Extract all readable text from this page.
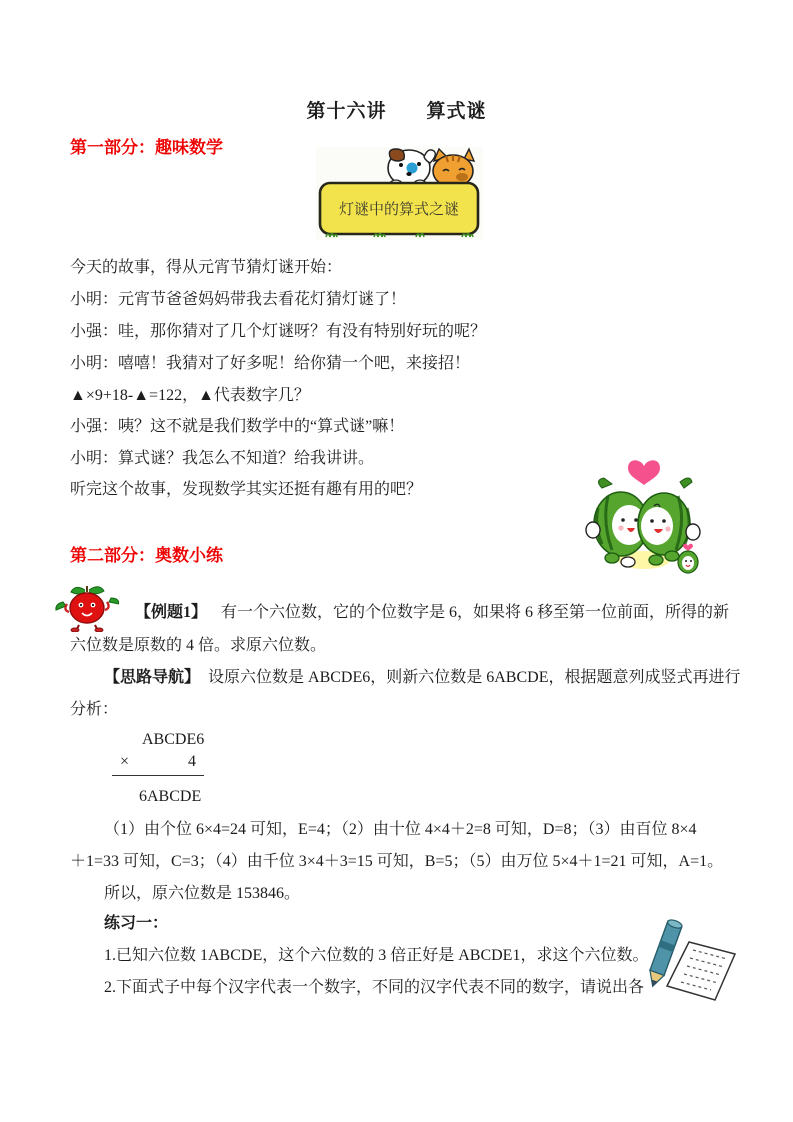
第十六讲　　算式谜
第一部分：趣味数学
灯谜中的算式之谜
今天的故事，得从元宵节猜灯谜开始：
小明：元宵节爸爸妈妈带我去看花灯猜灯谜了！
小强：哇，那你猜对了几个灯谜呀？有没有特别好玩的呢？
小明：嘻嘻！我猜对了好多呢！给你猜一个吧，来接招！
▲×9+18-▲=122，▲代表数字几？
小强：咦？这不就是我们数学中的“算式谜”嘛！
小明：算式谜？我怎么不知道？给我讲讲。
听完这个故事，发现数学其实还挺有趣有用的吧？
第二部分：奥数小练
【例题1】 有一个六位数，它的个位数字是 6，如果将 6 移至第一位前面，所得的新
六位数是原数的 4 倍。求原六位数。
【思路导航】 设原六位数是 ABCDE6，则新六位数是 6ABCDE，根据题意列成竖式再进行
分析：
ABCDE6
×	4
6ABCDE
（1）由个位 6×4=24 可知，E=4；（2）由十位 4×4＋2=8 可知，D=8；（3）由百位 8×4
＋1=33 可知，C=3；（4）由千位 3×4＋3=15 可知，B=5；（5）由万位 5×4＋1=21 可知，A=1。
所以，原六位数是 153846。
练习一：
1.已知六位数 1ABCDE，这个六位数的 3 倍正好是 ABCDE1，求这个六位数。
2.下面式子中每个汉字代表一个数字，不同的汉字代表不同的数字，请说出各
